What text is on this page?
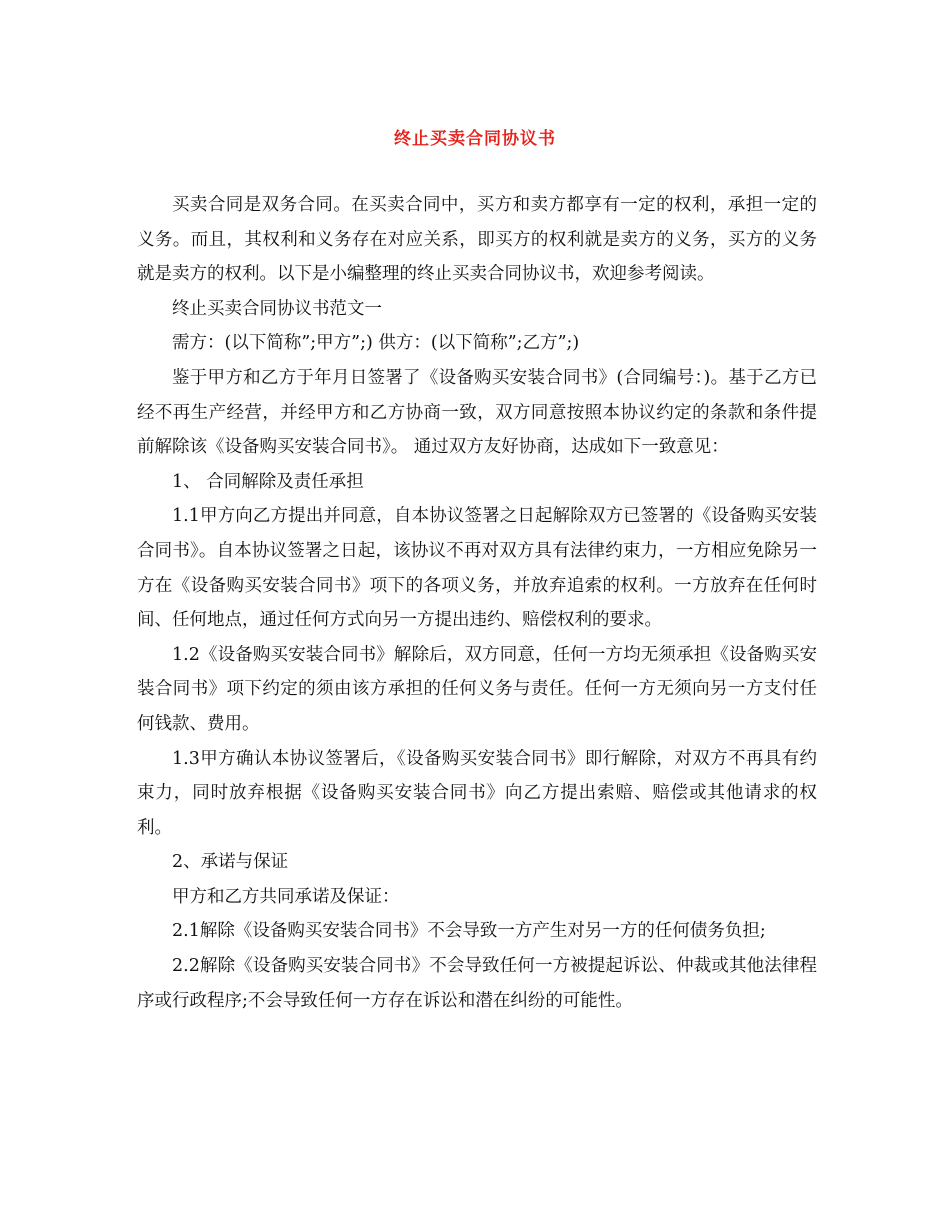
终止买卖合同协议书

买卖合同是双务合同。在买卖合同中，买方和卖方都享有一定的权利，承担一定的义务。而且，其权利和义务存在对应关系，即买方的权利就是卖方的义务，买方的义务就是卖方的权利。以下是小编整理的终止买卖合同协议书，欢迎参考阅读。

终止买卖合同协议书范文一

需方：(以下简称”;甲方”;) 供方：(以下简称”;乙方”;)

鉴于甲方和乙方于年月日签署了《设备购买安装合同书》(合同编号：)。基于乙方已经不再生产经营，并经甲方和乙方协商一致，双方同意按照本协议约定的条款和条件提前解除该《设备购买安装合同书》。 通过双方友好协商，达成如下一致意见：

1、 合同解除及责任承担

1.1甲方向乙方提出并同意，自本协议签署之日起解除双方已签署的《设备购买安装合同书》。自本协议签署之日起，该协议不再对双方具有法律约束力，一方相应免除另一方在《设备购买安装合同书》项下的各项义务，并放弃追索的权利。一方放弃在任何时间、任何地点，通过任何方式向另一方提出违约、赔偿权利的要求。

1.2《设备购买安装合同书》解除后，双方同意，任何一方均无须承担《设备购买安装合同书》项下约定的须由该方承担的任何义务与责任。任何一方无须向另一方支付任何钱款、费用。

1.3甲方确认本协议签署后，《设备购买安装合同书》即行解除，对双方不再具有约束力，同时放弃根据《设备购买安装合同书》向乙方提出索赔、赔偿或其他请求的权利。

2、承诺与保证

甲方和乙方共同承诺及保证：

2.1解除《设备购买安装合同书》不会导致一方产生对另一方的任何债务负担;

2.2解除《设备购买安装合同书》不会导致任何一方被提起诉讼、仲裁或其他法律程序或行政程序;不会导致任何一方存在诉讼和潜在纠纷的可能性。
